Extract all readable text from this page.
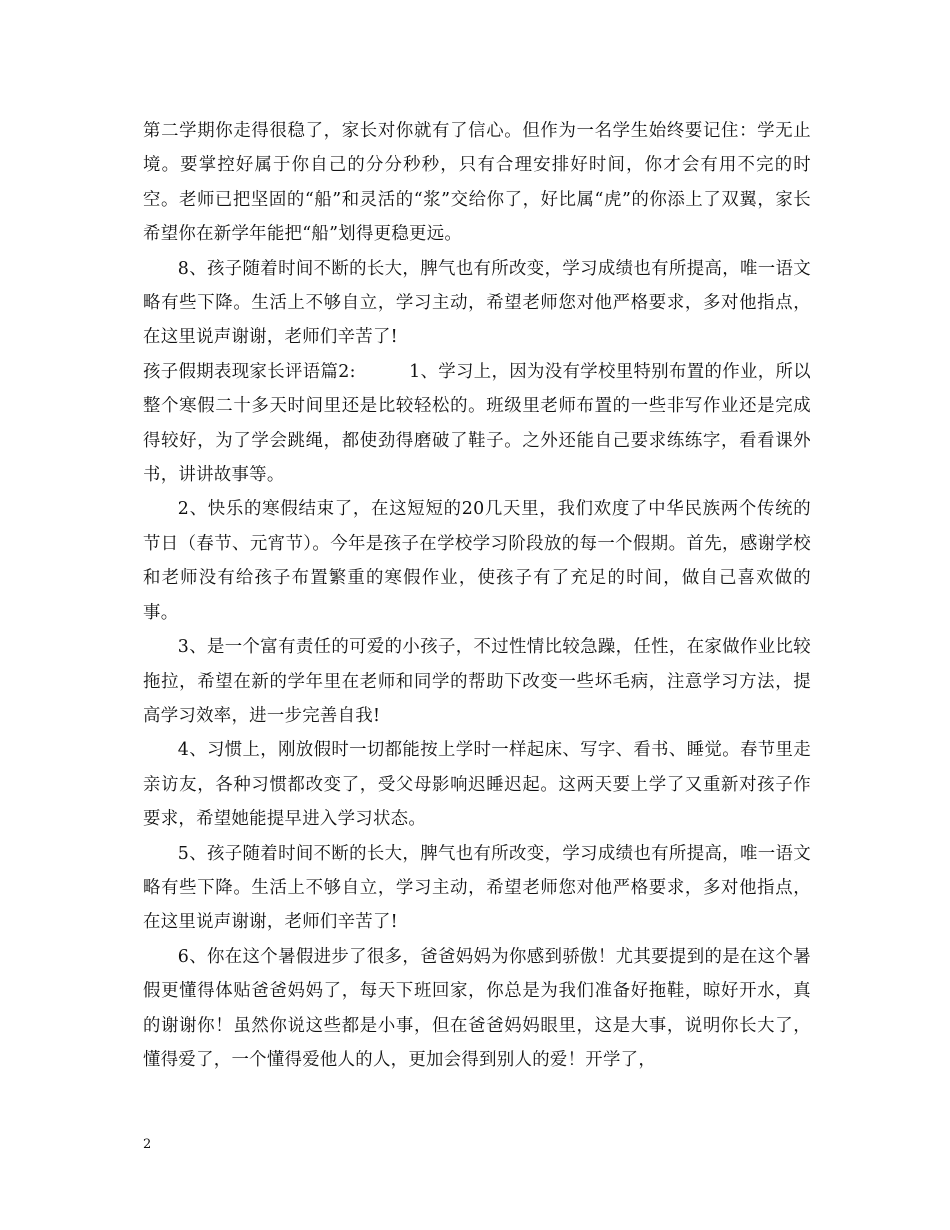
第二学期你走得很稳了，家长对你就有了信心。但作为一名学生始终要记住：学无止境。要掌控好属于你自己的分分秒秒，只有合理安排好时间，你才会有用不完的时空。老师已把坚固的“船”和灵活的“浆”交给你了，好比属“虎”的你添上了双翼，家长希望你在新学年能把“船”划得更稳更远。

8、孩子随着时间不断的长大，脾气也有所改变，学习成绩也有所提高，唯一语文略有些下降。生活上不够自立，学习主动，希望老师您对他严格要求，多对他指点，在这里说声谢谢，老师们辛苦了!

孩子假期表现家长评语篇2:　　　1、学习上，因为没有学校里特别布置的作业，所以整个寒假二十多天时间里还是比较轻松的。班级里老师布置的一些非写作业还是完成得较好，为了学会跳绳，都使劲得磨破了鞋子。之外还能自己要求练练字，看看课外书，讲讲故事等。

2、快乐的寒假结束了，在这短短的20几天里，我们欢度了中华民族两个传统的节日（春节、元宵节）。今年是孩子在学校学习阶段放的每一个假期。首先，感谢学校和老师没有给孩子布置繁重的寒假作业，使孩子有了充足的时间，做自己喜欢做的事。

3、是一个富有责任的可爱的小孩子，不过性情比较急躁，任性，在家做作业比较拖拉，希望在新的学年里在老师和同学的帮助下改变一些坏毛病，注意学习方法，提高学习效率，进一步完善自我!

4、习惯上，刚放假时一切都能按上学时一样起床、写字、看书、睡觉。春节里走亲访友，各种习惯都改变了，受父母影响迟睡迟起。这两天要上学了又重新对孩子作要求，希望她能提早进入学习状态。

5、孩子随着时间不断的长大，脾气也有所改变，学习成绩也有所提高，唯一语文略有些下降。生活上不够自立，学习主动，希望老师您对他严格要求，多对他指点，在这里说声谢谢，老师们辛苦了!

6、你在这个暑假进步了很多，爸爸妈妈为你感到骄傲！尤其要提到的是在这个暑假更懂得体贴爸爸妈妈了，每天下班回家，你总是为我们准备好拖鞋，晾好开水，真的谢谢你！虽然你说这些都是小事，但在爸爸妈妈眼里，这是大事，说明你长大了，懂得爱了，一个懂得爱他人的人，更加会得到别人的爱！开学了，

2
